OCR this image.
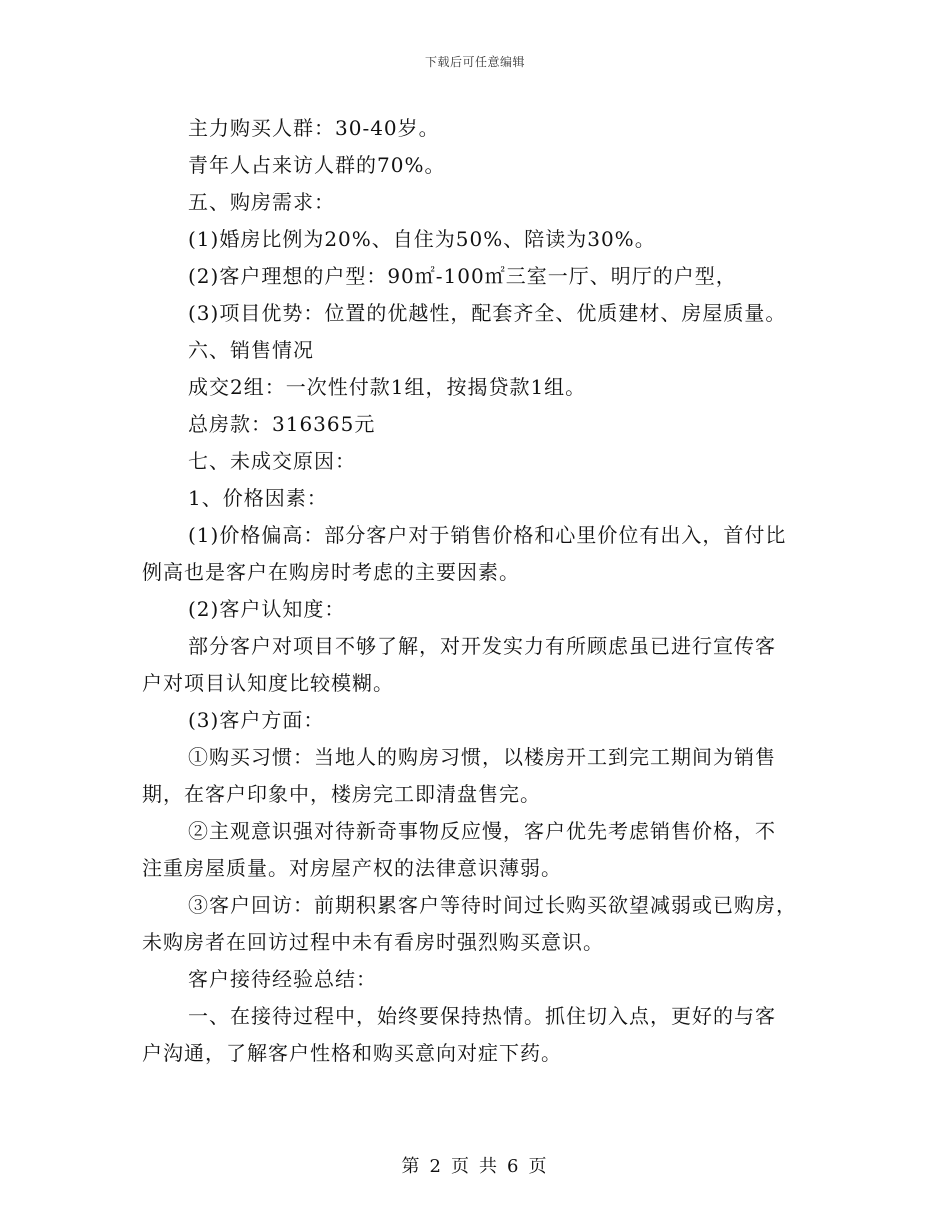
下载后可任意编辑
主力购买人群：30-40岁。
青年人占来访人群的70%。
五、购房需求：
(1)婚房比例为20%、自住为50%、陪读为30%。
(2)客户理想的户型：90㎡-100㎡三室一厅、明厅的户型，
(3)项目优势：位置的优越性，配套齐全、优质建材、房屋质量。
六、销售情况
成交2组：一次性付款1组，按揭贷款1组。
总房款：316365元
七、未成交原因：
1、价格因素：
(1)价格偏高：部分客户对于销售价格和心里价位有出入，首付比
例高也是客户在购房时考虑的主要因素。
(2)客户认知度：
部分客户对项目不够了解，对开发实力有所顾虑虽已进行宣传客
户对项目认知度比较模糊。
(3)客户方面：
①购买习惯：当地人的购房习惯，以楼房开工到完工期间为销售
期，在客户印象中，楼房完工即清盘售完。
②主观意识强对待新奇事物反应慢，客户优先考虑销售价格，不
注重房屋质量。对房屋产权的法律意识薄弱。
③客户回访：前期积累客户等待时间过长购买欲望减弱或已购房，
未购房者在回访过程中未有看房时强烈购买意识。
客户接待经验总结：
一、在接待过程中，始终要保持热情。抓住切入点，更好的与客
户沟通，了解客户性格和购买意向对症下药。
第 2 页 共 6 页
